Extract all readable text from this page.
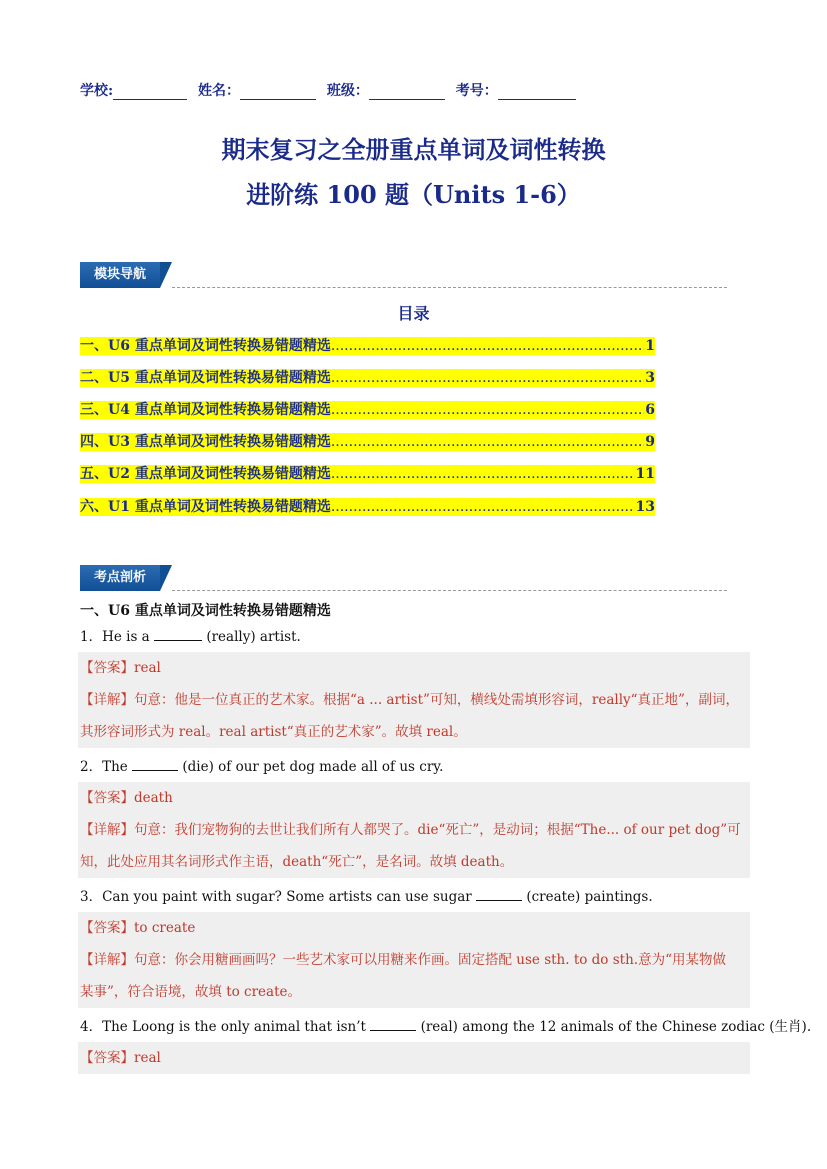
学校:	姓名：	班级：	考号：
期末复习之全册重点单词及词性转换
进阶练 100 题（Units 1-6）
模块导航
目录
一、U6 重点单词及词性转换易错题精选 .....	1
二、U5 重点单词及词性转换易错题精选 .....	3
三、U4 重点单词及词性转换易错题精选 .....	6
四、U3 重点单词及词性转换易错题精选 .....	9
五、U2 重点单词及词性转换易错题精选 .....	11
六、U1 重点单词及词性转换易错题精选 .....	13
考点剖析
一、U6 重点单词及词性转换易错题精选
1．He is a	(really) artist.
【答案】real
【详解】句意：他是一位真正的艺术家。根据“a ... artist”可知，横线处需填形容词，really“真正地”，副词，
其形容词形式为 real。real artist“真正的艺术家”。故填 real。
2．The	(die) of our pet dog made all of us cry.
【答案】death
【详解】句意：我们宠物狗的去世让我们所有人都哭了。die“死亡”，是动词；根据“The... of our pet dog”可
知，此处应用其名词形式作主语，death“死亡”，是名词。故填 death。
3．Can you paint with sugar? Some artists can use sugar	(create) paintings.
【答案】to create
【详解】句意：你会用糖画画吗？一些艺术家可以用糖来作画。固定搭配 use sth. to do sth.意为“用某物做
某事”，符合语境，故填 to create。
4．The Loong is the only animal that isn’t	(real) among the 12 animals of the Chinese zodiac (生肖).
【答案】real
